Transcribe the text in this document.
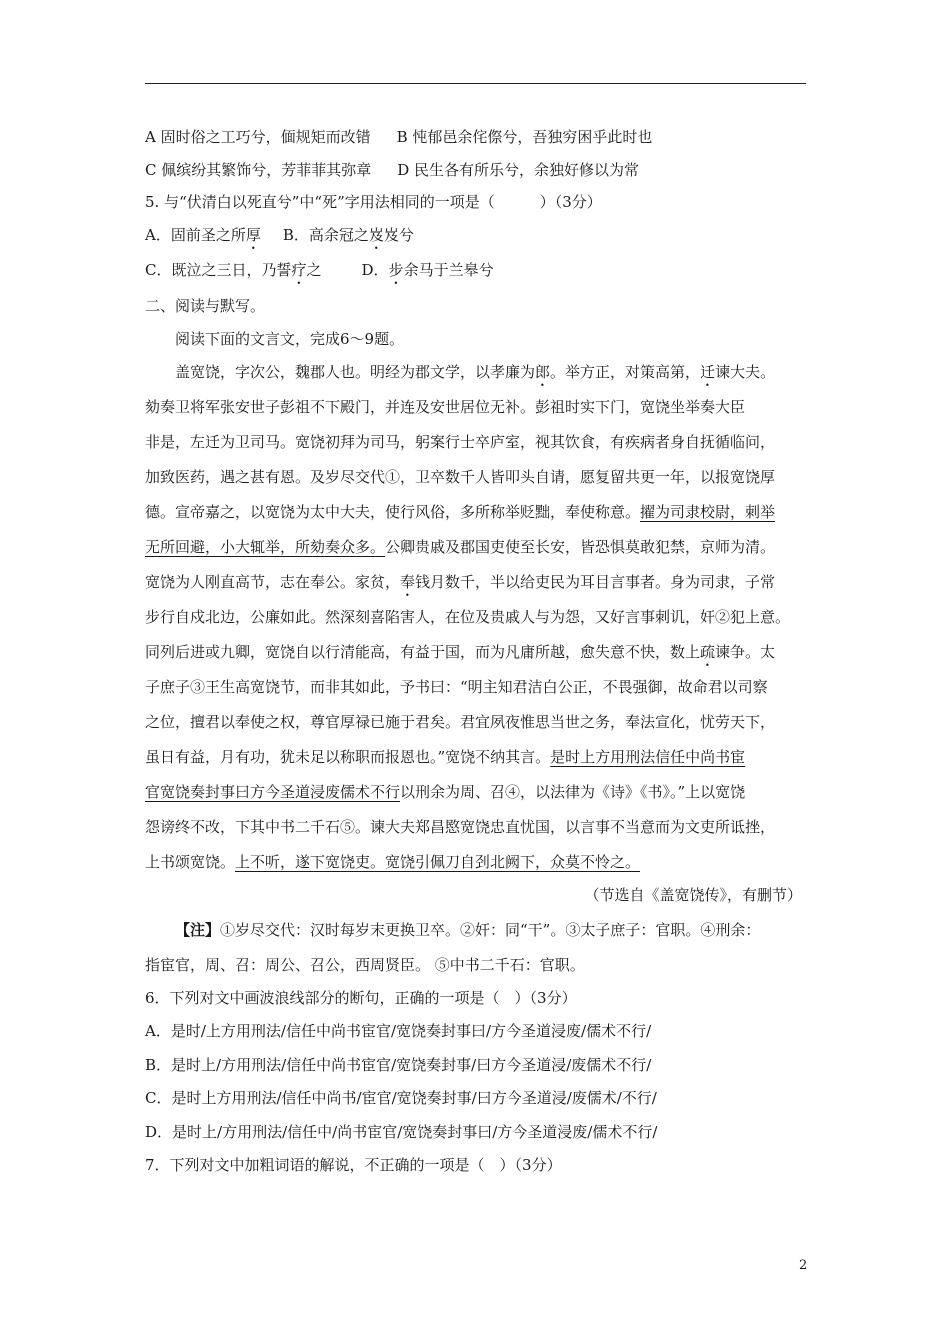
A 固时俗之工巧兮，偭规矩而改错 B 忳郁邑余侘傺兮，吾独穷困乎此时也
C 佩缤纷其繁饰兮，芳菲菲其弥章 D 民生各有所乐兮，余独好修以为常
5. 与“伏清白以死直兮”中“死”字用法相同的一项是（　　　）（3分）
A．固前圣之所厚 B．高余冠之岌岌兮
C．既泣之三日，乃誓疗之	D．步余马于兰皋兮
二、阅读与默写。
阅读下面的文言文，完成6～9题。
盖宽饶，字次公，魏郡人也。明经为郡文学，以孝廉为郎。举方正，对策高第，迁谏大夫。
劾奏卫将军张安世子彭祖不下殿门，并连及安世居位无补。彭祖时实下门，宽饶坐举奏大臣
非是，左迁为卫司马。宽饶初拜为司马，躬案行士卒庐室，视其饮食，有疾病者身自抚循临问，
加致医药，遇之甚有恩。及岁尽交代①，卫卒数千人皆叩头自请，愿复留共更一年，以报宽饶厚
德。宣帝嘉之，以宽饶为太中大夫，使行风俗，多所称举贬黜，奉使称意。擢为司隶校尉，刺举
无所回避，小大辄举，所劾奏众多。公卿贵戚及郡国吏使至长安，皆恐惧莫敢犯禁，京师为清。
宽饶为人刚直高节，志在奉公。家贫，奉钱月数千，半以给吏民为耳目言事者。身为司隶，子常
步行自戍北边，公廉如此。然深刻喜陷害人，在位及贵戚人与为怨，又好言事刺讥，奸②犯上意。
同列后进或九卿，宽饶自以行清能高，有益于国，而为凡庸所越，愈失意不快，数上疏谏争。太
子庶子③王生高宽饶节，而非其如此，予书曰：“明主知君洁白公正，不畏强御，故命君以司察
之位，擅君以奉使之权，尊官厚禄已施于君矣。君宜夙夜惟思当世之务，奉法宣化，忧劳天下，
虽日有益，月有功，犹未足以称职而报恩也。”宽饶不纳其言。是时上方用刑法信任中尚书宦
官宽饶奏封事曰方今圣道浸废儒术不行以刑余为周、召④，以法律为《诗》《书》。”上以宽饶
怨谤终不改，下其中书二千石⑤。谏大夫郑昌愍宽饶忠直忧国，以言事不当意而为文吏所诋挫，
上书颂宽饶。上不听，遂下宽饶吏。宽饶引佩刀自刭北阙下，众莫不怜之。
（节选自《盖宽饶传》，有删节）
【注】①岁尽交代：汉时每岁末更换卫卒。②奸：同“干”。③太子庶子：官职。④刑余：
指宦官，周、召：周公、召公，西周贤臣。 ⑤中书二千石：官职。
6．下列对文中画波浪线部分的断句，正确的一项是（　）（3分）
A．是时/上方用刑法/信任中尚书宦官/宽饶奏封事曰/方今圣道浸废/儒术不行/
B．是时上/方用刑法/信任中尚书宦官/宽饶奏封事/曰方今圣道浸/废儒术不行/
C．是时上方用刑法/信任中尚书/宦官/宽饶奏封事/曰方今圣道浸/废儒术/不行/
D．是时上/方用刑法/信任中/尚书宦官/宽饶奏封事曰/方今圣道浸废/儒术不行/
7．下列对文中加粗词语的解说，不正确的一项是（　）（3分）
2
